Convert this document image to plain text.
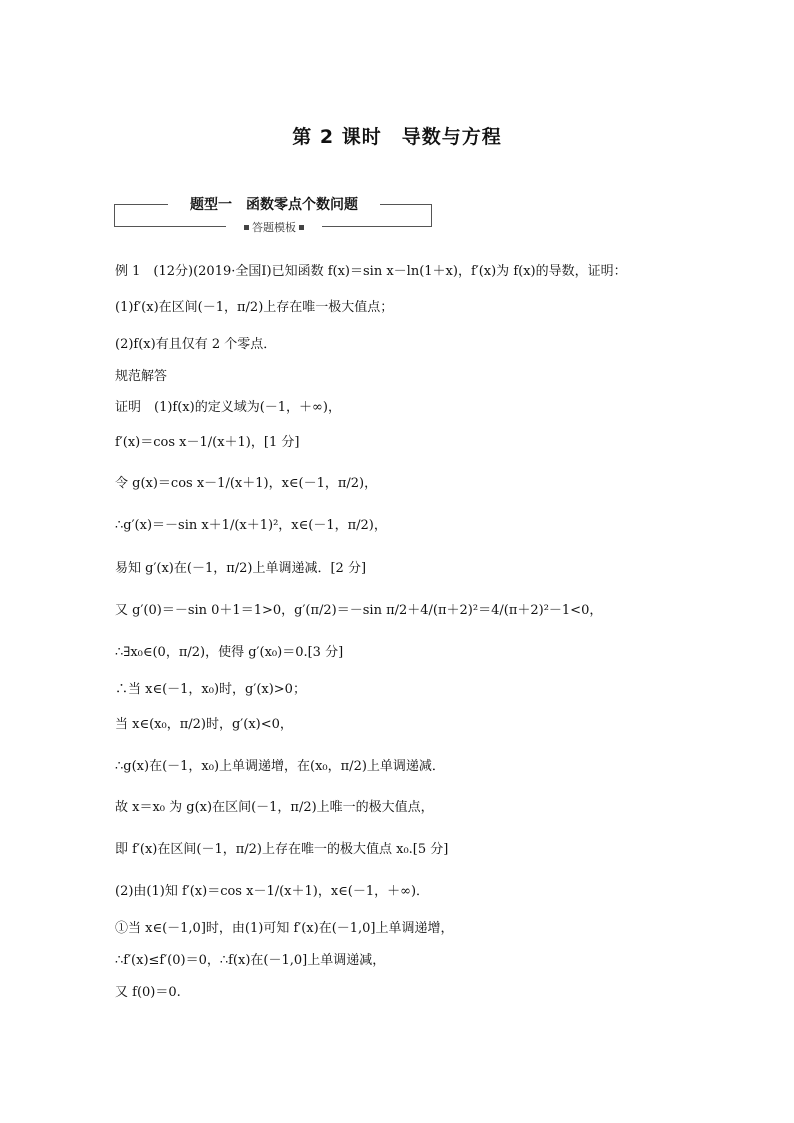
第 2 课时　导数与方程
题型一　函数零点个数问题
答题模板
例 1　(12分)(2019·全国Ⅰ)已知函数 f(x)＝sin x－ln(1＋x)，f′(x)为 f(x)的导数，证明：
(1)f′(x)在区间(－1，π/2)上存在唯一极大值点；
(2)f(x)有且仅有 2 个零点．
规范解答
证明　(1)f(x)的定义域为(－1，＋∞)，
f′(x)＝cos x－1/(x＋1)，[1 分]
令 g(x)＝cos x－1/(x＋1)，x∈(－1，π/2)，
∴g′(x)＝－sin x＋1/(x＋1)²，x∈(－1，π/2)，
易知 g′(x)在(－1，π/2)上单调递减．[2 分]
又 g′(0)＝－sin 0＋1＝1>0，g′(π/2)＝－sin π/2＋4/(π＋2)²＝4/(π＋2)²－1<0，
∴∃x₀∈(0，π/2)，使得 g′(x₀)＝0.[3 分]
∴当 x∈(－1，x₀)时，g′(x)>0；
当 x∈(x₀，π/2)时，g′(x)<0，
∴g(x)在(－1，x₀)上单调递增，在(x₀，π/2)上单调递减．
故 x＝x₀ 为 g(x)在区间(－1，π/2)上唯一的极大值点，
即 f′(x)在区间(－1，π/2)上存在唯一的极大值点 x₀.[5 分]
(2)由(1)知 f′(x)＝cos x－1/(x＋1)，x∈(－1，＋∞)．
①当 x∈(－1,0]时，由(1)可知 f′(x)在(－1,0]上单调递增，
∴f′(x)≤f′(0)＝0，∴f(x)在(－1,0]上单调递减，
又 f(0)＝0.
